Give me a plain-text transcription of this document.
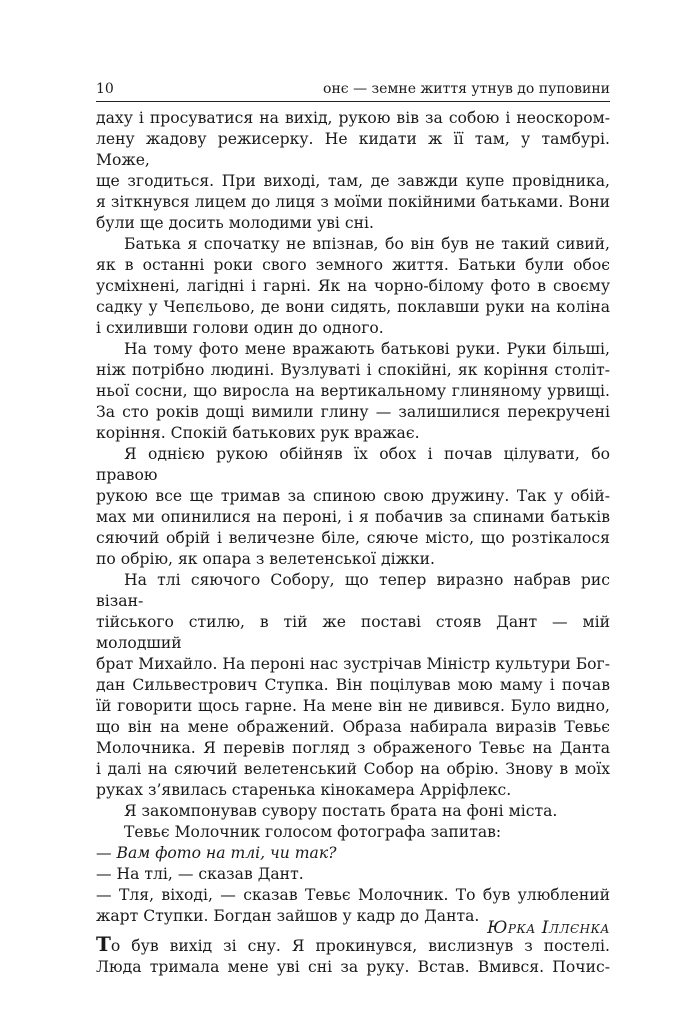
10	онє — земне життя утнув до пуповини

даху і просуватися на вихід, рукою вів за собою і неоскором-

лену жадову режисерку. Не кидати ж її там, у тамбурі. Може,

ще згодиться. При виході, там, де завжди купе провідника,

я зіткнувся лицем до лиця з моїми покійними батьками. Вони

були ще досить молодими уві сні.

Батька я спочатку не впізнав, бо він був не такий сивий,

як в останні роки свого земного життя. Батьки були обоє

усміхнені, лагідні і гарні. Як на чорно-білому фото в своєму

садку у Чепєльово, де вони сидять, поклавши руки на коліна

і схиливши голови один до одного.

На тому фото мене вражають батькові руки. Руки більші,

ніж потрібно людині. Вузлуваті і спокійні, як коріння століт-

ньої сосни, що виросла на вертикальному глиняному урвищі.

За сто років дощі вимили глину — залишилися перекручені

коріння. Спокій батькових рук вражає.

Я однією рукою обійняв їх обох і почав цілувати, бо правою

рукою все ще тримав за спиною свою дружину. Так у обій-

мах ми опинилися на пероні, і я побачив за спинами батьків

сяючий обрій і величезне біле, сяюче місто, що розтікалося

по обрію, як опара з велетенської діжки.

На тлі сяючого Собору, що тепер виразно набрав рис візан-

тійського стилю, в тій же поставі стояв Дант — мій молодший

брат Михайло. На пероні нас зустрічав Міністр культури Бог-

дан Сильвестрович Ступка. Він поцілував мою маму і почав

їй говорити щось гарне. На мене він не дивився. Було видно,

що він на мене ображений. Образа набирала виразів Тевьє

Молочника. Я перевів погляд з ображеного Тевьє на Данта

і далі на сяючий велетенський Собор на обрію. Знову в моїх

руках з’явилась старенька кінокамера Арріфлекс.

Я закомпонував сувору постать брата на фоні міста.

Тевьє Молочник голосом фотографа запитав:

— Вам фото на тлі, чи так?

— На тлі, — сказав Дант.

— Тля, віході, — сказав Тевьє Молочник. То був улюблений

жарт Ступки. Богдан зайшов у кадр до Данта.

То був вихід зі сну. Я прокинувся, вислизнув з постелі.

Люда тримала мене уві сні за руку. Встав. Вмився. Почис-

Юрка Іллєнка
